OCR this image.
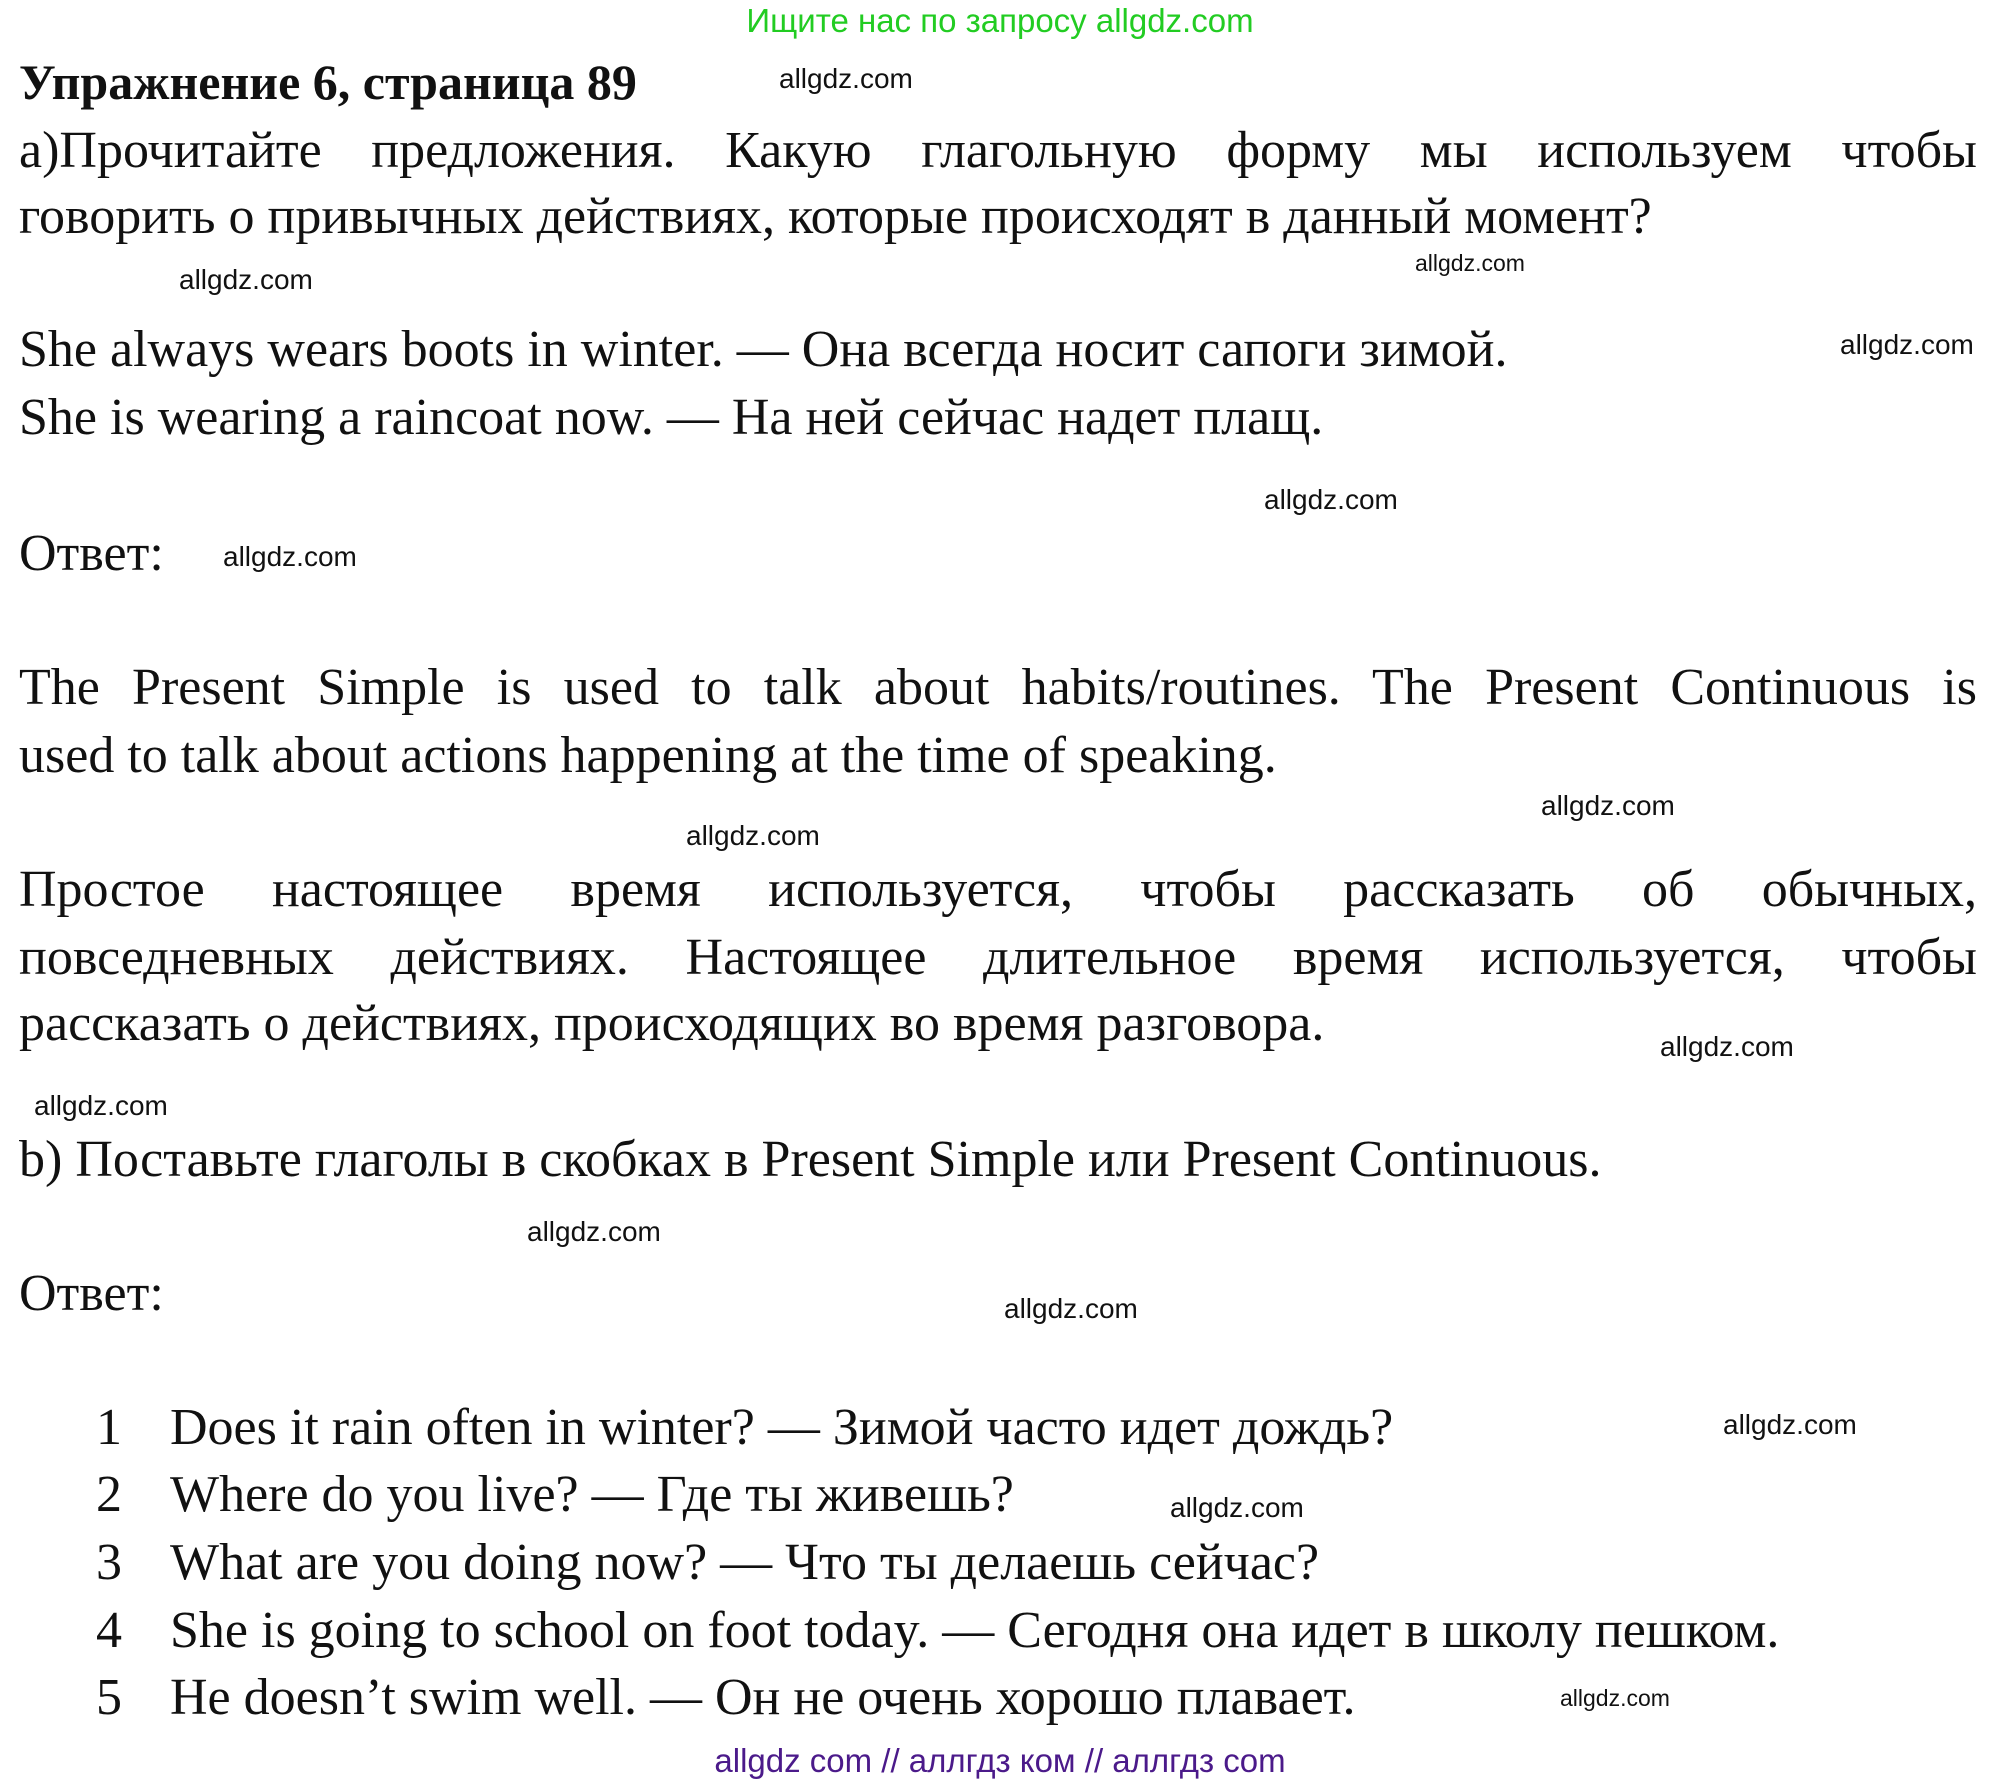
Ищите нас по запросу allgdz.com
Упражнение 6, страница 89
а)Прочитайте предложения. Какую глагольную форму мы используем чтобы
говорить о привычных действиях, которые происходят в данный момент?
She always wears boots in winter. — Она всегда носит сапоги зимой.
She is wearing a raincoat now. — На ней сейчас надет плащ.
Ответ:
The Present Simple is used to talk about habits/routines. The Present Continuous is
used to talk about actions happening at the time of speaking.
Простое настоящее время используется, чтобы рассказать об обычных,
повседневных действиях. Настоящее длительное время используется, чтобы
рассказать о действиях, происходящих во время разговора.
b) Поставьте глаголы в скобках в Present Simple или Present Continuous.
Ответ:
1 Does it rain often in winter? — Зимой часто идет дождь?
2 Where do you live? — Где ты живешь?
3 What are you doing now? — Что ты делаешь сейчас?
4 She is going to school on foot today. — Сегодня она идет в школу пешком.
5 He doesn’t swim well. — Он не очень хорошо плавает.
allgdz.com
allgdz.com
allgdz.com
allgdz.com
allgdz.com
allgdz.com
allgdz.com
allgdz.com
allgdz.com
allgdz.com
allgdz.com
allgdz.com
allgdz.com
allgdz.com
allgdz.com
allgdz com // аллгдз ком // аллгдз com
